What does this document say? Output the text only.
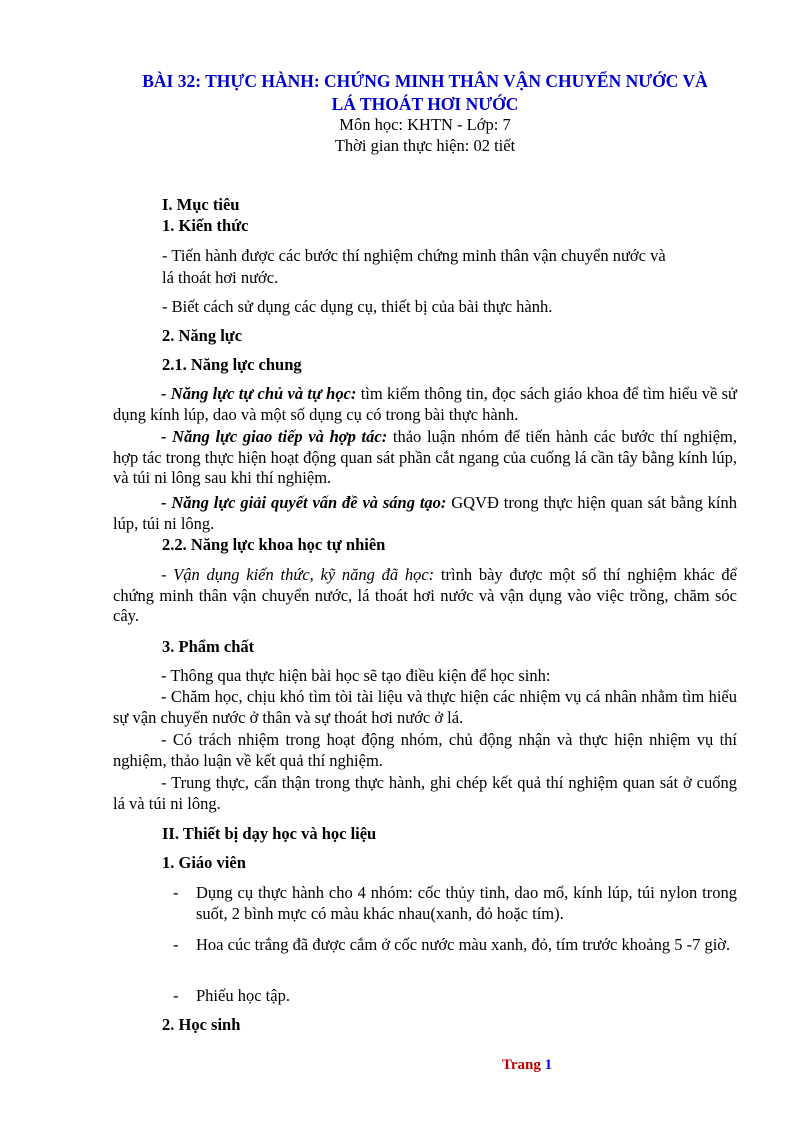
BÀI 32: THỰC HÀNH: CHỨNG MINH THÂN VẬN CHUYỂN NƯỚC VÀ
LÁ THOÁT HƠI NƯỚC
Môn học: KHTN - Lớp: 7
Thời gian thực hiện: 02 tiết
I. Mục tiêu
1. Kiến thức
- Tiến hành được các bước thí nghiệm chứng minh thân vận chuyển nước và
lá thoát hơi nước.
- Biết cách sử dụng các dụng cụ, thiết bị của bài thực hành.
2. Năng lực
2.1. Năng lực chung
- Năng lực tự chủ và tự học: tìm kiếm thông tin, đọc sách giáo khoa để tìm hiểu về sử dụng kính lúp, dao và một số dụng cụ có trong bài thực hành.
- Năng lực giao tiếp và hợp tác: thảo luận nhóm để tiến hành các bước thí nghiệm, hợp tác trong thực hiện hoạt động quan sát phần cắt ngang của cuống lá cần tây bằng kính lúp, và túi ni lông sau khi thí nghiệm.
- Năng lực giải quyết vấn đề và sáng tạo: GQVĐ trong thực hiện quan sát bằng kính lúp, túi ni lông.
2.2. Năng lực khoa học tự nhiên
- Vận dụng kiến thức, kỹ năng đã học: trình bày được một số thí nghiệm khác để chứng minh thân vận chuyển nước, lá thoát hơi nước và vận dụng vào việc trồng, chăm sóc cây.
3. Phẩm chất
- Thông qua thực hiện bài học sẽ tạo điều kiện để học sinh:
- Chăm học, chịu khó tìm tòi tài liệu và thực hiện các nhiệm vụ cá nhân nhằm tìm hiểu sự vận chuyển nước ở thân và sự thoát hơi nước ở lá.
- Có trách nhiệm trong hoạt động nhóm, chủ động nhận và thực hiện nhiệm vụ thí nghiệm, thảo luận về kết quả thí nghiệm.
- Trung thực, cẩn thận trong thực hành, ghi chép kết quả thí nghiệm quan sát ở cuống lá và túi ni lông.
II. Thiết bị dạy học và học liệu
1. Giáo viên
- Dụng cụ thực hành cho 4 nhóm: cốc thủy tinh, dao mổ, kính lúp, túi nylon trong suốt, 2 bình mực có màu khác nhau(xanh, đỏ hoặc tím).
- Hoa cúc trắng đã được cắm ở cốc nước màu xanh, đỏ, tím trước khoảng 5 -7 giờ.
- Phiếu học tập.
2. Học sinh
Trang 1
